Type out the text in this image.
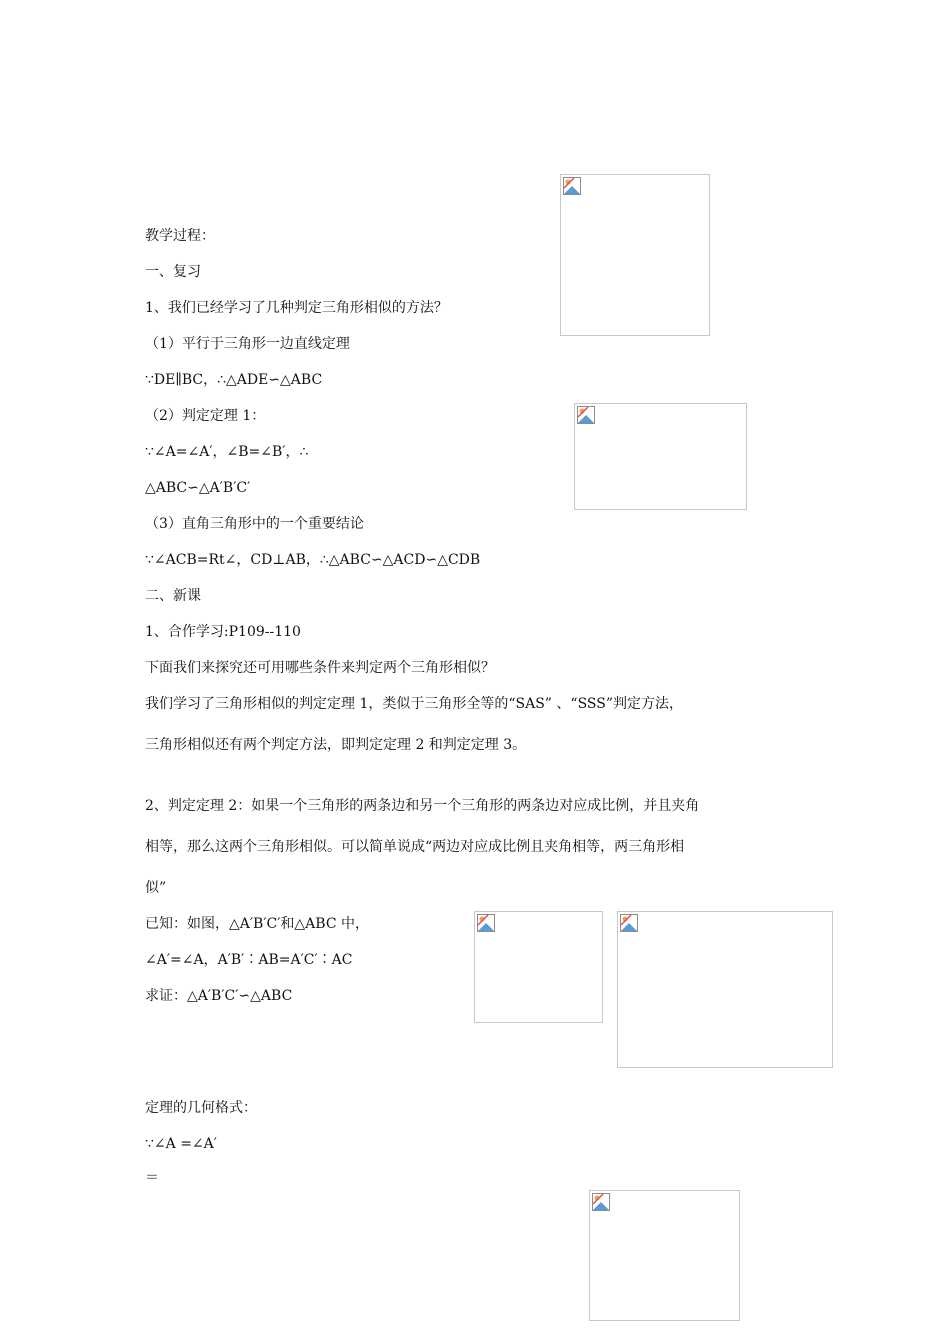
教学过程：
一、复习
1、我们已经学习了几种判定三角形相似的方法？
（1）平行于三角形一边直线定理
∵DE∥BC，∴△ADE∽△ABC
（2）判定定理 1：
∵∠A=∠A′，∠B=∠B′，∴
△ABC∽△A′B′C′
（3）直角三角形中的一个重要结论
∵∠ACB=Rt∠，CD⊥AB，∴△ABC∽△ACD∽△CDB
二、新课
1、合作学习:P109--110
下面我们来探究还可用哪些条件来判定两个三角形相似？
我们学习了三角形相似的判定定理 1，类似于三角形全等的“SAS” 、“SSS”判定方法，
三角形相似还有两个判定方法，即判定定理 2 和判定定理 3。
2、判定定理 2：如果一个三角形的两条边和另一个三角形的两条边对应成比例，并且夹角
相等，那么这两个三角形相似。可以简单说成“两边对应成比例且夹角相等，两三角形相
似”
已知：如图，△A′B′C′和△ABC 中，
∠A′=∠A，A′B′∶AB=A′C′∶AC
求证：△A′B′C′∽△ABC
定理的几何格式：
∵∠A =∠A′
＝
